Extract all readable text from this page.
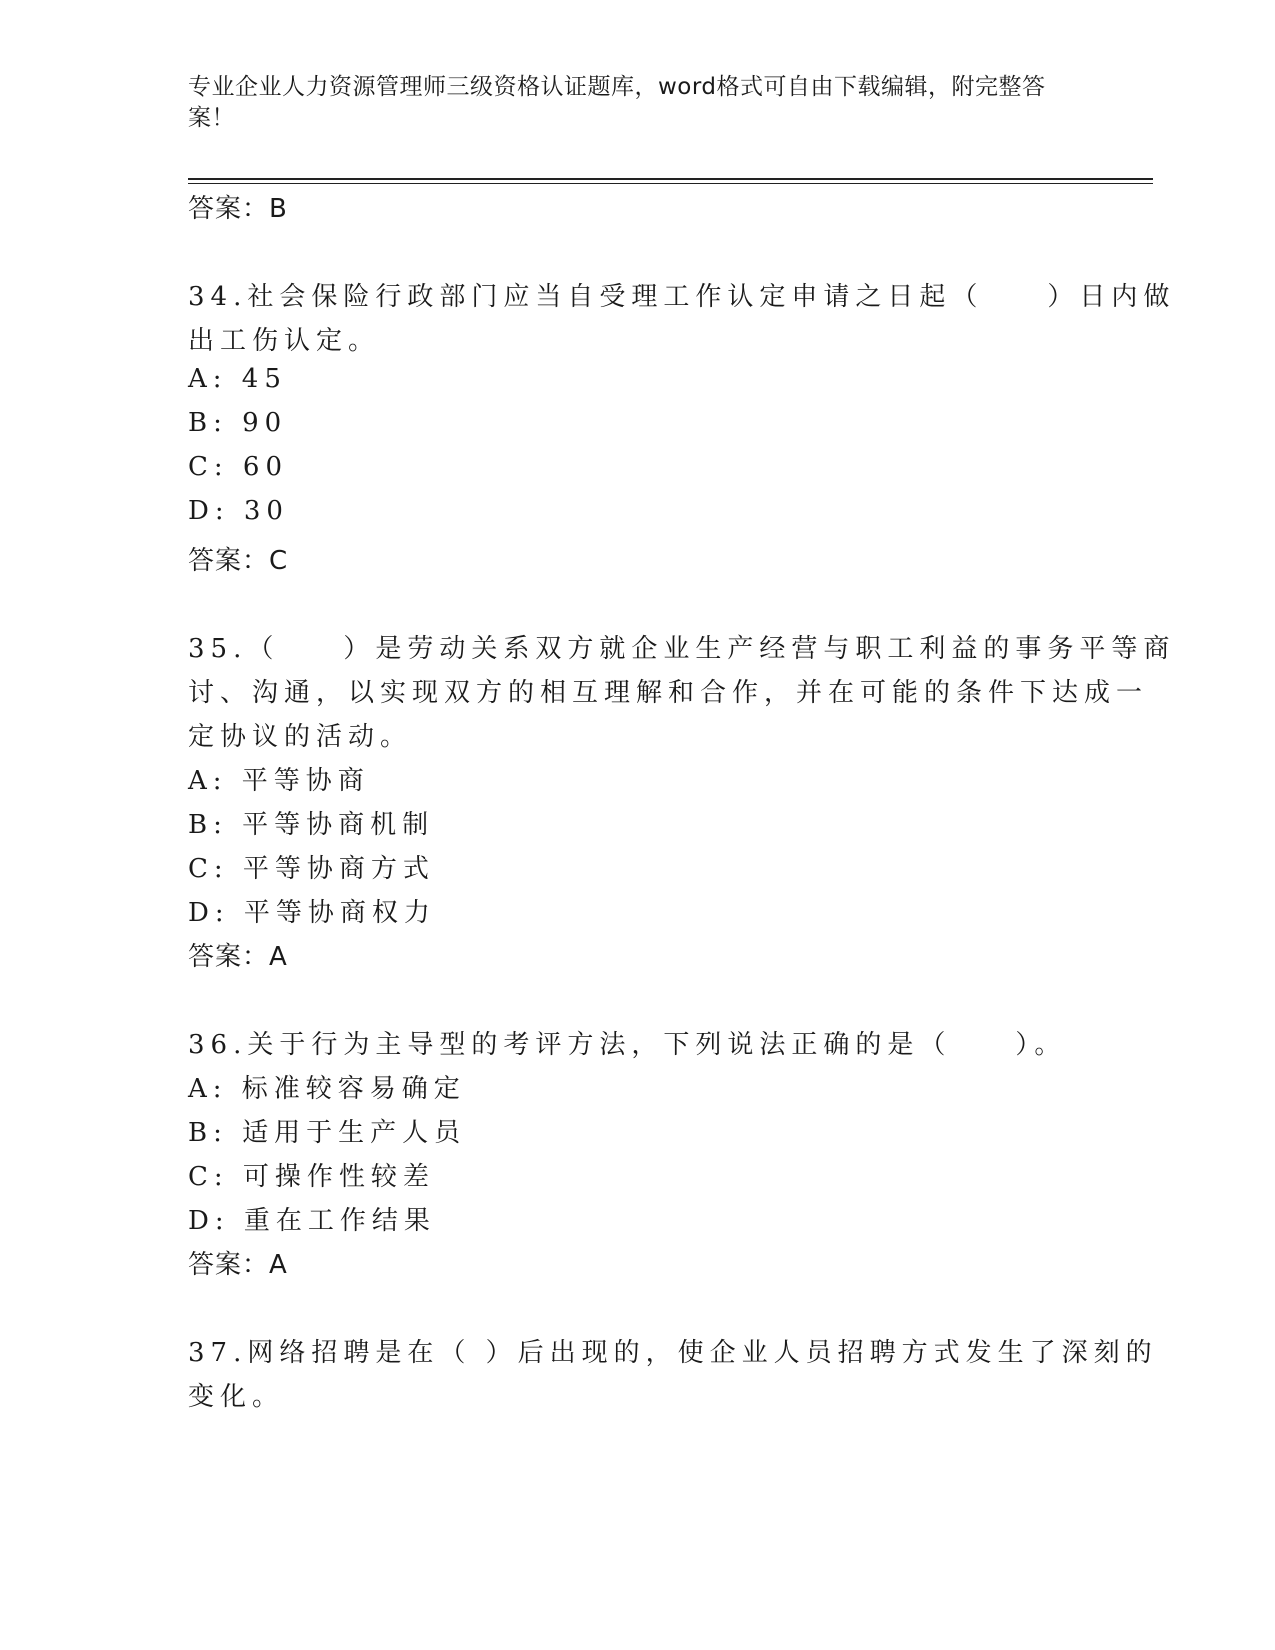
专业企业人力资源管理师三级资格认证题库，word格式可自由下载编辑，附完整答案！
答案：B
34.社会保险行政部门应当自受理工作认定申请之日起（　　）日内做
出工伤认定。
A: 45
B: 90
C: 60
D: 30
答案：C
35.（　　）是劳动关系双方就企业生产经营与职工利益的事务平等商
讨、沟通，以实现双方的相互理解和合作，并在可能的条件下达成一
定协议的活动。
A: 平等协商
B: 平等协商机制
C: 平等协商方式
D: 平等协商权力
答案：A
36.关于行为主导型的考评方法，下列说法正确的是（　　）。
A: 标准较容易确定
B: 适用于生产人员
C: 可操作性较差
D: 重在工作结果
答案：A
37.网络招聘是在（ ）后出现的，使企业人员招聘方式发生了深刻的
变化。
